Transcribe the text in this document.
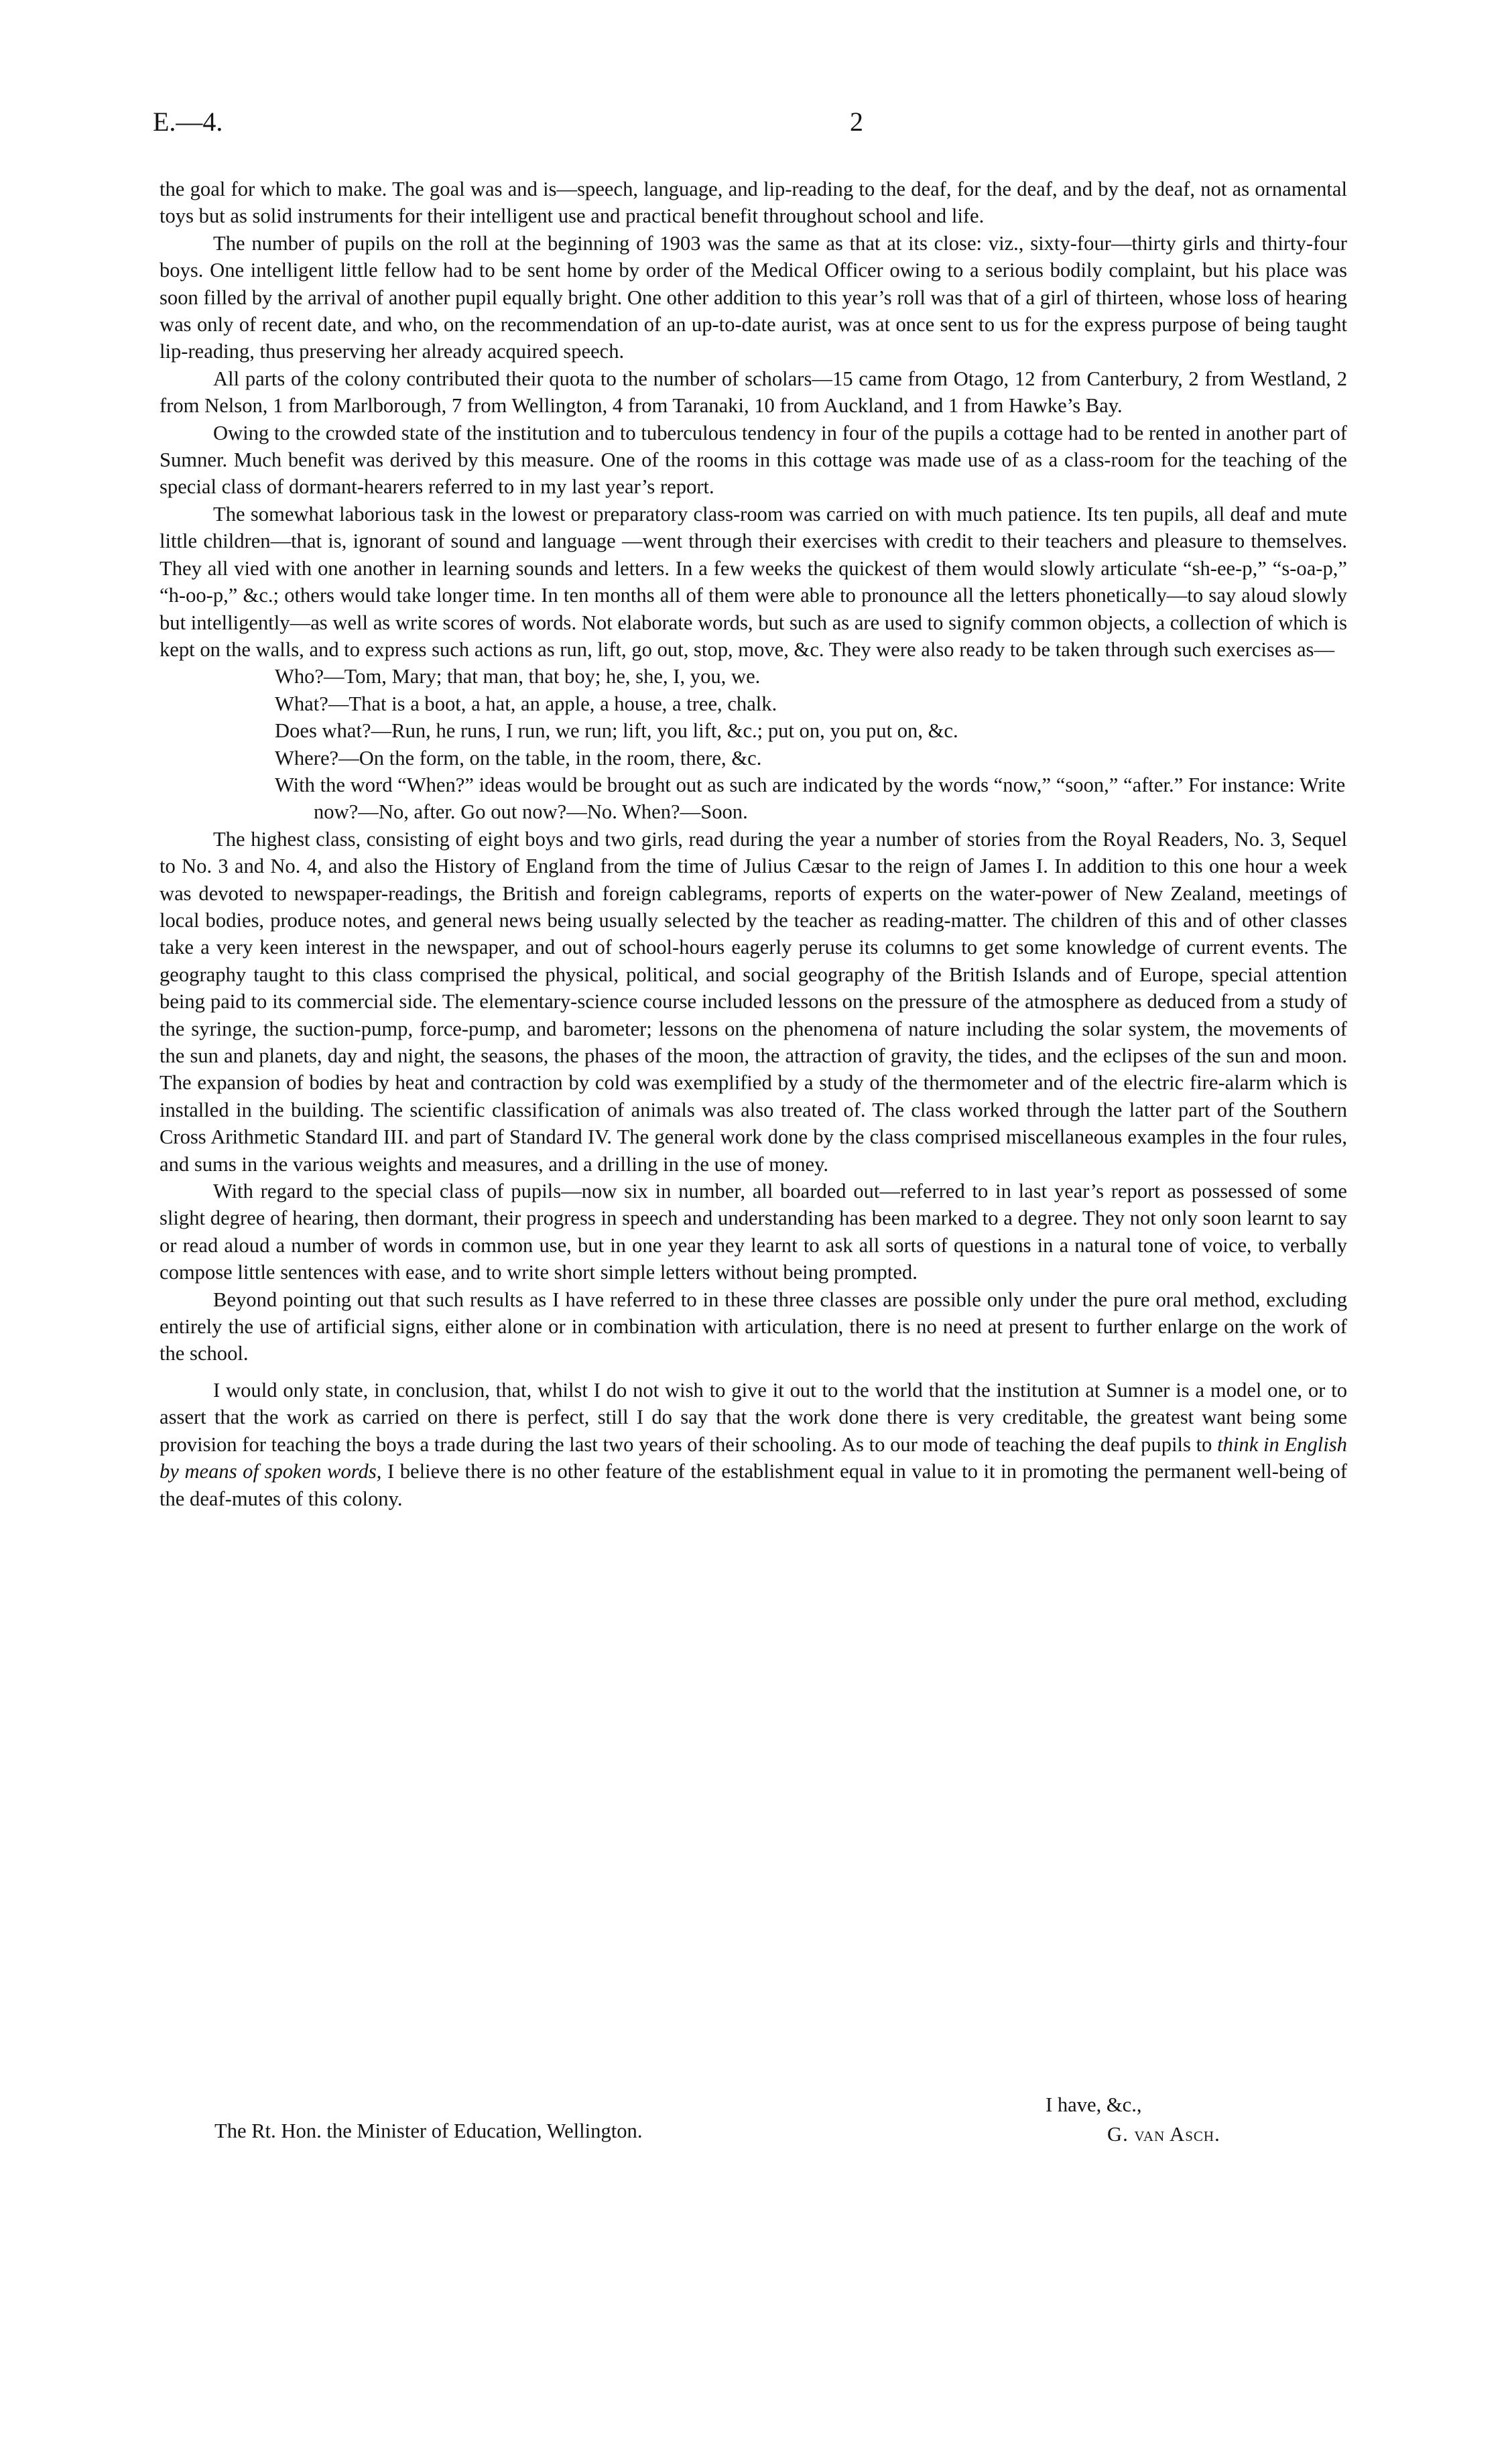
E.—4.	2

the goal for which to make. The goal was and is—speech, language, and lip-reading to the deaf, for the deaf, and by the deaf, not as ornamental toys but as solid instruments for their intelligent use and practical benefit throughout school and life.

The number of pupils on the roll at the beginning of 1903 was the same as that at its close: viz., sixty-four—thirty girls and thirty-four boys. One intelligent little fellow had to be sent home by order of the Medical Officer owing to a serious bodily complaint, but his place was soon filled by the arrival of another pupil equally bright. One other addition to this year’s roll was that of a girl of thirteen, whose loss of hearing was only of recent date, and who, on the recommendation of an up-to-date aurist, was at once sent to us for the express purpose of being taught lip-reading, thus preserving her already acquired speech.

All parts of the colony contributed their quota to the number of scholars—15 came from Otago, 12 from Canterbury, 2 from Westland, 2 from Nelson, 1 from Marlborough, 7 from Wellington, 4 from Taranaki, 10 from Auckland, and 1 from Hawke’s Bay.

Owing to the crowded state of the institution and to tuberculous tendency in four of the pupils a cottage had to be rented in another part of Sumner. Much benefit was derived by this measure. One of the rooms in this cottage was made use of as a class-room for the teaching of the special class of dormant-hearers referred to in my last year’s report.

The somewhat laborious task in the lowest or preparatory class-room was carried on with much patience. Its ten pupils, all deaf and mute little children—that is, ignorant of sound and language —went through their exercises with credit to their teachers and pleasure to themselves. They all vied with one another in learning sounds and letters. In a few weeks the quickest of them would slowly articulate “sh-ee-p,” “s-oa-p,” “h-oo-p,” &c.; others would take longer time. In ten months all of them were able to pronounce all the letters phonetically—to say aloud slowly but intelligently—as well as write scores of words. Not elaborate words, but such as are used to signify common objects, a collection of which is kept on the walls, and to express such actions as run, lift, go out, stop, move, &c. They were also ready to be taken through such exercises as—

Who?—Tom, Mary; that man, that boy; he, she, I, you, we.
What?—That is a boot, a hat, an apple, a house, a tree, chalk.
Does what?—Run, he runs, I run, we run; lift, you lift, &c.; put on, you put on, &c.
Where?—On the form, on the table, in the room, there, &c.
With the word “When?” ideas would be brought out as such are indicated by the words “now,” “soon,” “after.” For instance: Write now?—No, after. Go out now?—No. When?—Soon.

The highest class, consisting of eight boys and two girls, read during the year a number of stories from the Royal Readers, No. 3, Sequel to No. 3 and No. 4, and also the History of England from the time of Julius Cæsar to the reign of James I. In addition to this one hour a week was devoted to newspaper-readings, the British and foreign cablegrams, reports of experts on the water-power of New Zealand, meetings of local bodies, produce notes, and general news being usually selected by the teacher as reading-matter. The children of this and of other classes take a very keen interest in the newspaper, and out of school-hours eagerly peruse its columns to get some knowledge of current events. The geography taught to this class comprised the physical, political, and social geography of the British Islands and of Europe, special attention being paid to its commercial side. The elementary-science course included lessons on the pressure of the atmosphere as deduced from a study of the syringe, the suction-pump, force-pump, and barometer; lessons on the phenomena of nature including the solar system, the movements of the sun and planets, day and night, the seasons, the phases of the moon, the attraction of gravity, the tides, and the eclipses of the sun and moon. The expansion of bodies by heat and contraction by cold was exemplified by a study of the thermometer and of the electric fire-alarm which is installed in the building. The scientific classification of animals was also treated of. The class worked through the latter part of the Southern Cross Arithmetic Standard III. and part of Standard IV. The general work done by the class comprised miscellaneous examples in the four rules, and sums in the various weights and measures, and a drilling in the use of money.

With regard to the special class of pupils—now six in number, all boarded out—referred to in last year’s report as possessed of some slight degree of hearing, then dormant, their progress in speech and understanding has been marked to a degree. They not only soon learnt to say or read aloud a number of words in common use, but in one year they learnt to ask all sorts of questions in a natural tone of voice, to verbally compose little sentences with ease, and to write short simple letters without being prompted.

Beyond pointing out that such results as I have referred to in these three classes are possible only under the pure oral method, excluding entirely the use of artificial signs, either alone or in combination with articulation, there is no need at present to further enlarge on the work of the school.

I would only state, in conclusion, that, whilst I do not wish to give it out to the world that the institution at Sumner is a model one, or to assert that the work as carried on there is perfect, still I do say that the work done there is very creditable, the greatest want being some provision for teaching the boys a trade during the last two years of their schooling. As to our mode of teaching the deaf pupils to think in English by means of spoken words, I believe there is no other feature of the establishment equal in value to it in promoting the permanent well-being of the deaf-mutes of this colony.

I have, &c.,
G. van Asch.
The Rt. Hon. the Minister of Education, Wellington.
